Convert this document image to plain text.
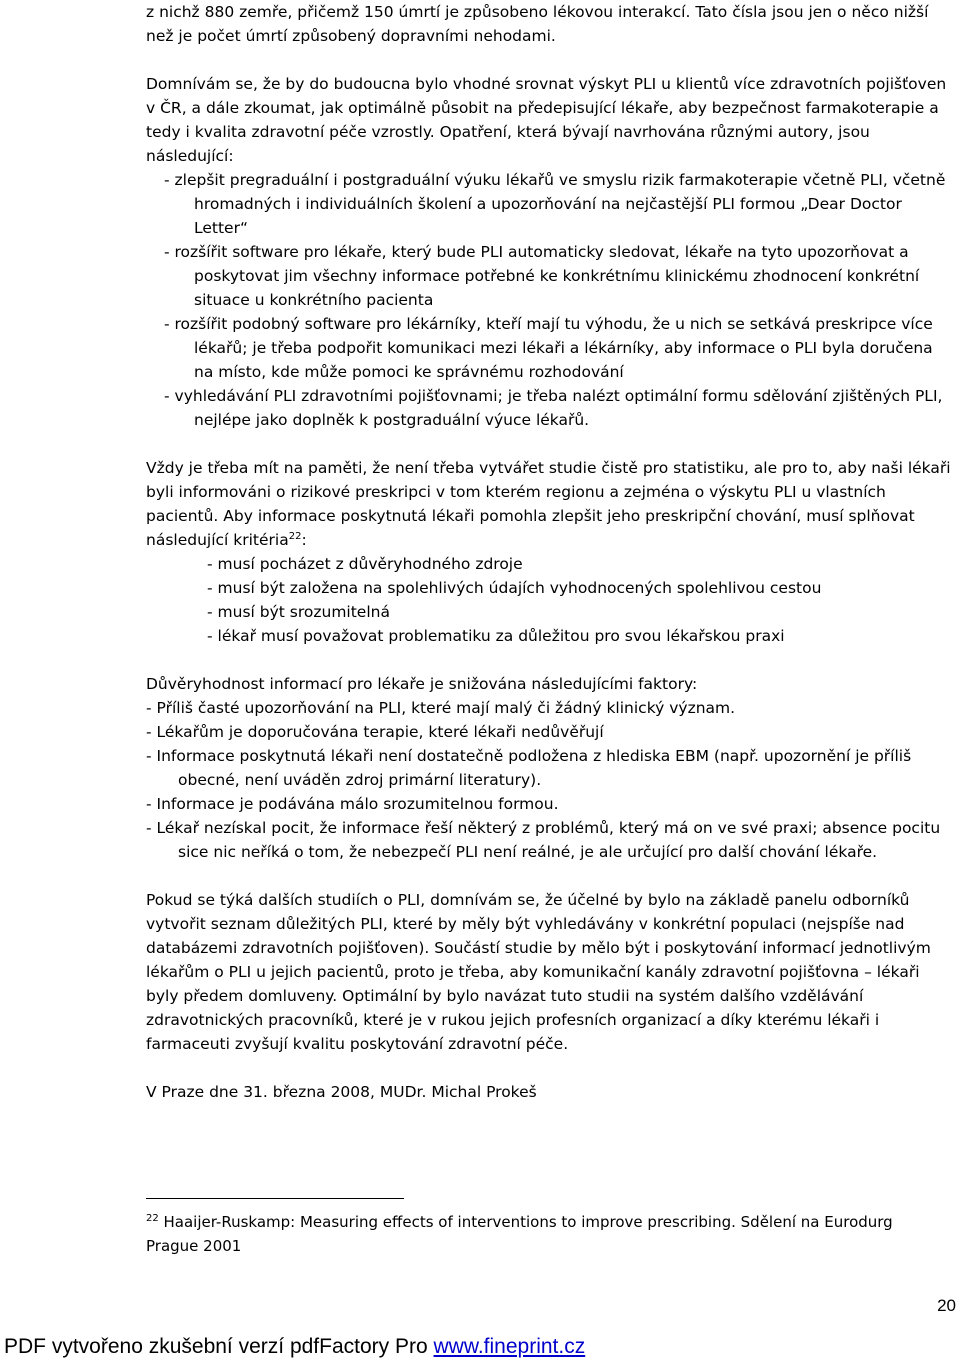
z nichž 880 zemře, přičemž 150 úmrtí je způsobeno lékovou interakcí. Tato čísla jsou jen o něco nižší než je počet úmrtí způsobený dopravními nehodami.

Domnívám se, že by do budoucna bylo vhodné srovnat výskyt PLI u klientů více zdravotních pojišťoven v ČR, a dále zkoumat, jak optimálně působit na předepisující lékaře, aby bezpečnost farmakoterapie a tedy i kvalita zdravotní péče vzrostly. Opatření, která bývají navrhována různými autory, jsou následující:

- zlepšit pregraduální i postgraduální výuku lékařů ve smyslu rizik farmakoterapie včetně PLI, včetně hromadných i individuálních školení a upozorňování na nejčastější PLI formou „Dear Doctor Letter“
- rozšířit software pro lékaře, který bude PLI automaticky sledovat, lékaře na tyto upozorňovat a poskytovat jim všechny informace potřebné ke konkrétnímu klinickému zhodnocení konkrétní situace u konkrétního pacienta
- rozšířit podobný software pro lékárníky, kteří mají tu výhodu, že u nich se setkává preskripce více lékařů; je třeba podpořit komunikaci mezi lékaři a lékárníky, aby informace o PLI byla doručena na místo, kde může pomoci ke správnému rozhodování
- vyhledávání PLI zdravotními pojišťovnami; je třeba nalézt optimální formu sdělování zjištěných PLI, nejlépe jako doplněk k postgraduální výuce lékařů.

Vždy je třeba mít na paměti, že není třeba vytvářet studie čistě pro statistiku, ale pro to, aby naši lékaři byli informováni o rizikové preskripci v tom kterém regionu a zejména o výskytu PLI u vlastních pacientů. Aby informace poskytnutá lékaři pomohla zlepšit jeho preskripční chování, musí splňovat následující kritéria$^{22}$:

- musí pocházet z důvěryhodného zdroje
- musí být založena na spolehlivých údajích vyhodnocených spolehlivou cestou
- musí být srozumitelná
- lékař musí považovat problematiku za důležitou pro svou lékařskou praxi

Důvěryhodnost informací pro lékaře je snižována následujícími faktory:

- Příliš časté upozorňování na PLI, které mají malý či žádný klinický význam.
- Lékařům je doporučována terapie, které lékaři nedůvěřují
- Informace poskytnutá lékaři není dostatečně podložena z hlediska EBM (např. upozornění je příliš obecné, není uváděn zdroj primární literatury).
- Informace je podávána málo srozumitelnou formou.
- Lékař nezískal pocit, že informace řeší některý z problémů, který má on ve své praxi; absence pocitu sice nic neříká o tom, že nebezpečí PLI není reálné, je ale určující pro další chování lékaře.

Pokud se týká dalších studiích o PLI, domnívám se, že účelné by bylo na základě panelu odborníků vytvořit seznam důležitých PLI, které by měly být vyhledávány v konkrétní populaci (nejspíše nad databázemi zdravotních pojišťoven). Součástí studie by mělo být i poskytování informací jednotlivým lékařům o PLI u jejich pacientů, proto je třeba, aby komunikační kanály zdravotní pojišťovna – lékaři byly předem domluveny. Optimální by bylo navázat tuto studii na systém dalšího vzdělávání zdravotnických pracovníků, které je v rukou jejich profesních organizací a díky kterému lékaři i farmaceuti zvyšují kvalitu poskytování zdravotní péče.

V Praze dne 31. března 2008, MUDr. Michal Prokeš

$^{22}$ Haaijer-Ruskamp: Measuring effects of interventions to improve prescribing. Sdělení na Eurodurg Prague 2001
20
PDF vytvořeno zkušební verzí pdfFactory Pro www.fineprint.cz
